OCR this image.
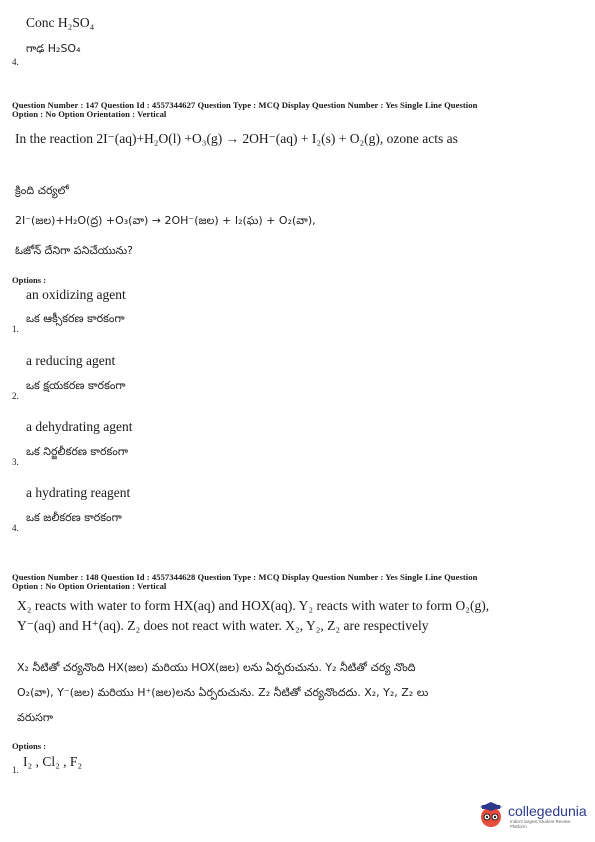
Conc H₂SO₄
4.
గాఢ H₂SO₄
Question Number : 147 Question Id : 4557344627 Question Type : MCQ Display Question Number : Yes Single Line Question
Option : No Option Orientation : Vertical
In the reaction 2I⁻(aq)+H₂O(l) +O₃(g) → 2OH⁻(aq) + I₂(s) + O₂(g), ozone acts as
క్రింది చర్యలో
2I⁻(జల)+H₂O(ద్ర) +O₃(వా) → 2OH⁻(జల) + I₂(ఘ) + O₂(వా),
ఓజోన్ దేనిగా పనిచేయును?
Options :
an oxidizing agent
1.
ఒక ఆక్సీకరణ కారకంగా
a reducing agent
2.
ఒక క్షయకరణ కారకంగా
a dehydrating agent
3.
ఒక నిర్జలీకరణ కారకంగా
a hydrating reagent
4.
ఒక జలీకరణ కారకంగా
Question Number : 148 Question Id : 4557344628 Question Type : MCQ Display Question Number : Yes Single Line Question
Option : No Option Orientation : Vertical
X₂ reacts with water to form HX(aq) and HOX(aq). Y₂ reacts with water to form O₂(g),
Y⁻(aq) and H⁺(aq). Z₂ does not react with water. X₂, Y₂, Z₂ are respectively
X₂ నీటితో చర్యనొంది HX(జల) మరియు HOX(జల) లను ఏర్పరుచును. Y₂ నీటితో చర్య నొంది
O₂(వా), Y⁻(జల) మరియు H⁺(జల)లను ఏర్పరుచును. Z₂ నీటితో చర్యనొందదు. X₂, Y₂, Z₂ లు
వరుసగా
Options :
1.
I₂ , Cl₂ , F₂
collegedunia
India's largest Student Review Platform
